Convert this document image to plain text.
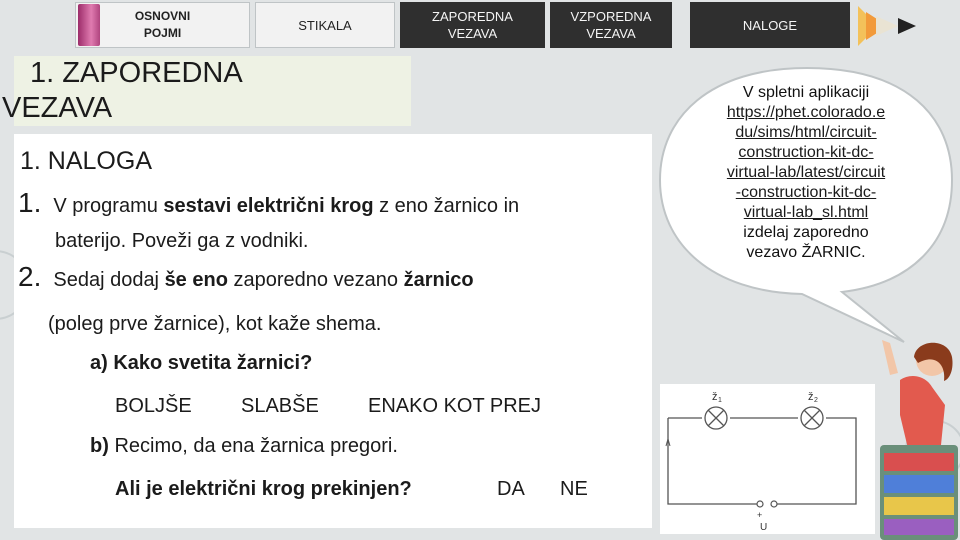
OSNOVNI
POJMI
STIKALA
ZAPOREDNA
VEZAVA
VZPOREDNA
VEZAVA
NALOGE
1. ZAPOREDNA
VEZAVA
1. NALOGA
1. V programu sestavi električni krog z eno žarnico in
baterijo. Poveži ga z vodniki.
2. Sedaj dodaj še eno zaporedno vezano žarnico
(poleg prve žarnice), kot kaže shema.
a) Kako svetita žarnici?
BOLJŠE SLABŠE ENAKO KOT PREJ
b) Recimo, da ena žarnica pregori.
Ali je električni krog prekinjen?	DA NE
V spletni aplikaciji
https://phet.colorado.e
du/sims/html/circuit-
construction-kit-dc-
virtual-lab/latest/circuit
-construction-kit-dc-
virtual-lab_sl.html
izdelaj zaporedno
vezavo ŽARNIC.
ž 1	ž 2
+
U
